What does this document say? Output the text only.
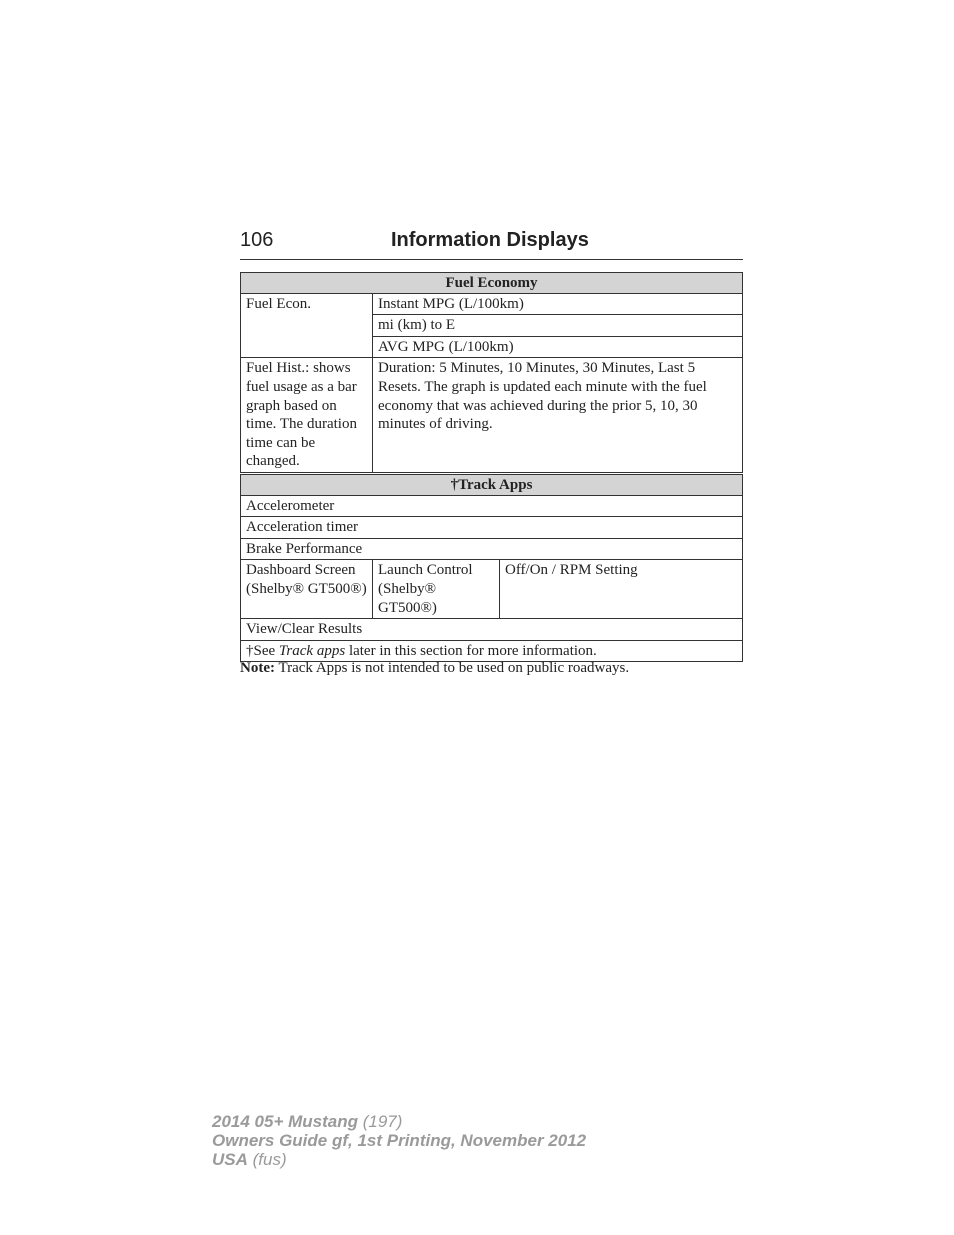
106	Information Displays
Fuel Economy	
Fuel Econ.	Instant MPG (L/100km)
	mi (km) to E
	AVG MPG (L/100km)
Fuel Hist.: shows fuel usage as a bar graph based on time. The duration time can be changed.	Duration: 5 Minutes, 10 Minutes, 30 Minutes, Last 5 Resets. The graph is updated each minute with the fuel economy that was achieved during the prior 5, 10, 30 minutes of driving.
†Track Apps
Accelerometer
Acceleration timer
Brake Performance
Dashboard Screen (Shelby® GT500®)	Launch Control (Shelby® GT500®)	Off/On / RPM Setting
View/Clear Results
†See Track apps later in this section for more information.
Note: Track Apps is not intended to be used on public roadways.
2014 05+ Mustang (197)
Owners Guide gf, 1st Printing, November 2012
USA (fus)
